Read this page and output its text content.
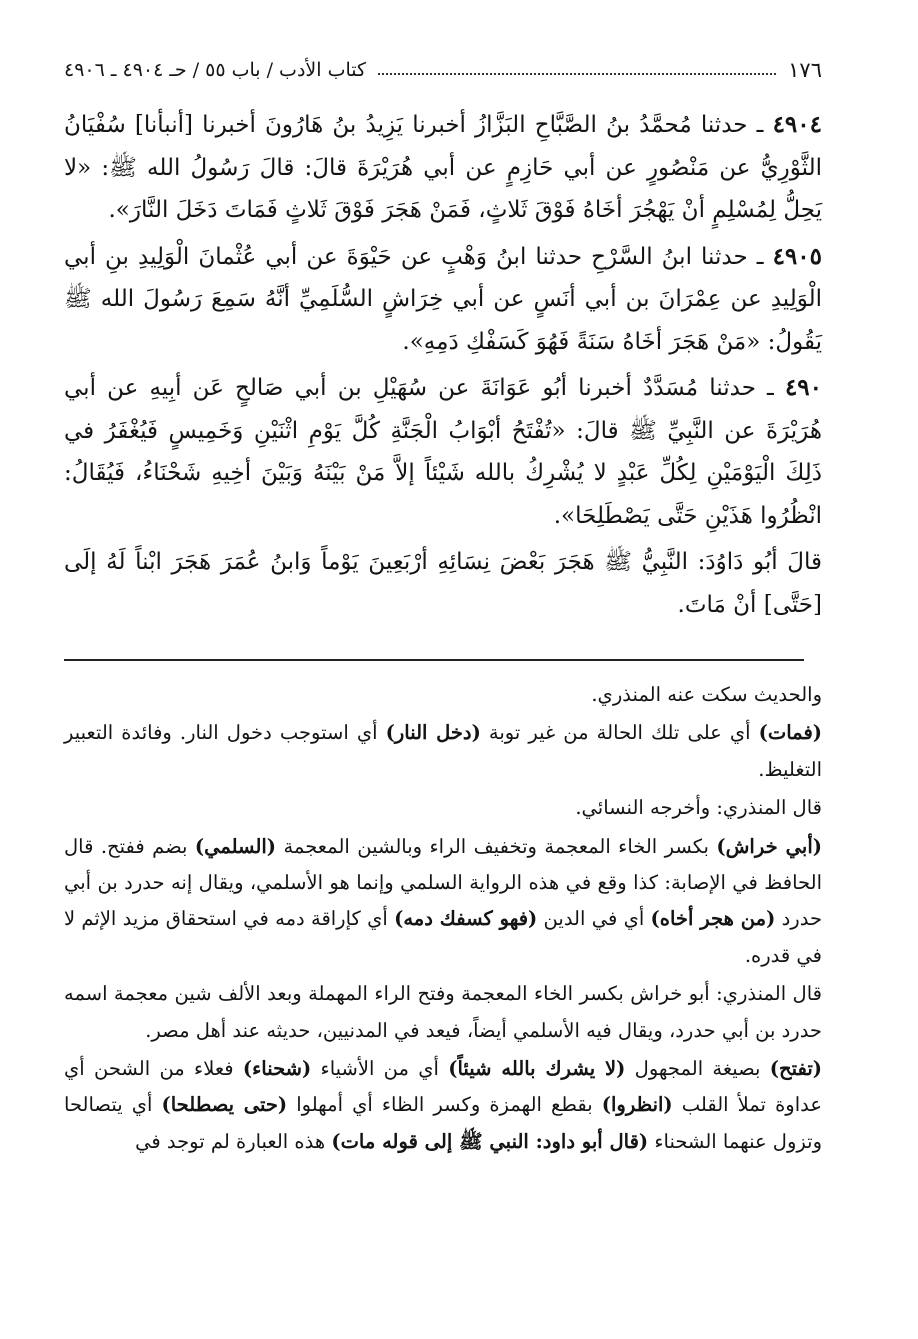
١٧٦
كتاب الأدب / باب ٥٥ / حـ ٤٩٠٤ ـ ٤٩٠٦

٤٩٠٤ ـ حدثنا مُحمَّدُ بنُ الصَّبَّاحِ البَزَّازُ أخبرنا يَزِيدُ بنُ هَارُونَ أخبرنا [أنبأنا] سُفْيَانُ الثَّوْرِيُّ عن مَنْصُورٍ عن أبي حَازِمٍ عن أبي هُرَيْرَةَ قالَ: قالَ رَسُولُ الله ﷺ: «لا يَحِلُّ لِمُسْلِمٍ أنْ يَهْجُرَ أخَاهُ فَوْقَ ثَلاثٍ، فَمَنْ هَجَرَ فَوْقَ ثَلاثٍ فَمَاتَ دَخَلَ النَّارَ».

٤٩٠٥ ـ حدثنا ابنُ السَّرْحِ حدثنا ابنُ وَهْبٍ عن حَيْوَةَ عن أبي عُثْمانَ الْوَلِيدِ بنِ أبي الْوَلِيدِ عن عِمْرَانَ بن أبي أنَسٍ عن أبي خِرَاشٍ السُّلَمِيِّ أنَّهُ سَمِعَ رَسُولَ الله ﷺ يَقُولُ: «مَنْ هَجَرَ أخَاهُ سَنَةً فَهُوَ كَسَفْكِ دَمِهِ».

٤٩٠ ـ حدثنا مُسَدَّدٌ أخبرنا أبُو عَوَانَةَ عن سُهَيْلِ بن أبي صَالحٍ عَن أبِيهِ عن أبي هُرَيْرَةَ عن النَّبِيِّ ﷺ قالَ: «تُفْتَحُ أبْوَابُ الْجَنَّةِ كُلَّ يَوْمِ اثْنَيْنِ وَخَمِيسٍ فَيُغْفَرُ في ذَلِكَ الْيَوْمَيْنِ لِكُلِّ عَبْدٍ لا يُشْرِكُ بالله شَيْئاً إلاَّ مَنْ بَيْنَهُ وَبَيْنَ أخِيهِ شَحْنَاءُ، فَيُقَالُ: انْظُرُوا هَذَيْنِ حَتَّى يَصْطَلِحَا».

قالَ أبُو دَاوُدَ: النَّبِيُّ ﷺ هَجَرَ بَعْضَ نِسَائِهِ أرْبَعِينَ يَوْماً وَابنُ عُمَرَ هَجَرَ ابْناً لَهُ إلَى [حَتَّى] أنْ مَاتَ.

والحديث سكت عنه المنذري.

(فمات) أي على تلك الحالة من غير توبة (دخل النار) أي استوجب دخول النار. وفائدة التعبير التغليظ.

قال المنذري: وأخرجه النسائي.

(أبي خراش) بكسر الخاء المعجمة وتخفيف الراء وبالشين المعجمة (السلمي) بضم ففتح. قال الحافظ في الإصابة: كذا وقع في هذه الرواية السلمي وإنما هو الأسلمي، ويقال إنه حدرد بن أبي حدرد (من هجر أخاه) أي في الدين (فهو كسفك دمه) أي كإراقة دمه في استحقاق مزيد الإثم لا في قدره.

قال المنذري: أبو خراش بكسر الخاء المعجمة وفتح الراء المهملة وبعد الألف شين معجمة اسمه حدرد بن أبي حدرد، ويقال فيه الأسلمي أيضاً، فيعد في المدنيين، حديثه عند أهل مصر.

(تفتح) بصيغة المجهول (لا يشرك بالله شيئاً) أي من الأشياء (شحناء) فعلاء من الشحن أي عداوة تملأ القلب (انظروا) بقطع الهمزة وكسر الظاء أي أمهلوا (حتى يصطلحا) أي يتصالحا وتزول عنهما الشحناء (قال أبو داود: النبي ﷺ إلى قوله مات) هذه العبارة لم توجد في
